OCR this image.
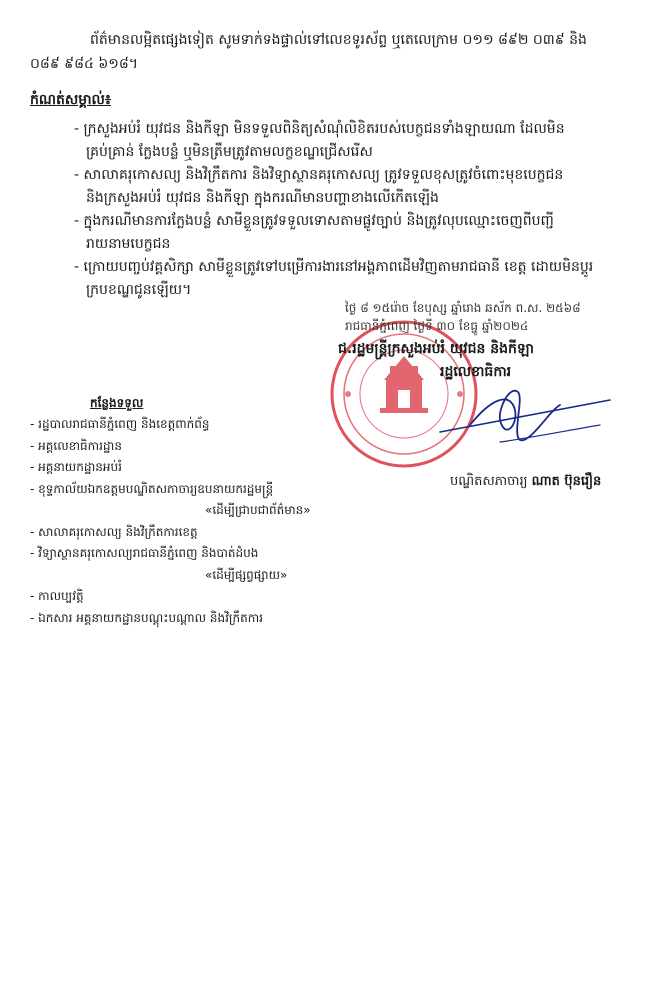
ព័ត៌មានលម្អិតផ្សេងទៀត សូមទាក់ទងផ្ទាល់ទៅលេខទូរស័ព្ទ ឬតេលេក្រាម ០១១ ៨៩២ ០៣៩ និង
០៨៩ ៩៨៤ ៦១៨។
កំណត់សម្គាល់៖
- ក្រសួងអប់រំ យុវជន និងកីឡា មិនទទួលពិនិត្យសំណុំលិខិតរបស់បេក្ខជនទាំងឡាយណា ដែលមិន
គ្រប់គ្រាន់ ក្លែងបន្លំ ឬមិនត្រឹមត្រូវតាមលក្ខខណ្ឌជ្រើសរើស
- សាលាគរុកោសល្យ និងវិក្រឹតការ និងវិទ្យាស្ថានគរុកោសល្យ ត្រូវទទួលខុសត្រូវចំពោះមុខបេក្ខជន
និងក្រសួងអប់រំ យុវជន និងកីឡា ក្នុងករណីមានបញ្ហាខាងលើកើតឡើង
- ក្នុងករណីមានការក្លែងបន្លំ សាមីខ្លួនត្រូវទទួលទោសតាមផ្លូវច្បាប់ និងត្រូវលុបឈ្មោះចេញពីបញ្ជី
រាយនាមបេក្ខជន
- ក្រោយបញ្ចប់វគ្គសិក្សា សាមីខ្លួនត្រូវទៅបម្រើការងារនៅអង្គភាពដើមវិញតាមរាជធានី ខេត្ត ដោយមិនប្តូរ
ក្របខណ្ឌជូនឡើយ។
ថ្ងៃ ៨ ១៥រ៉ោច ខែបុស្ស ឆ្នាំរោង ឆស័ក ព.ស. ២៥៦៨
រាជធានីភ្នំពេញ ថ្ងៃទី ៣០ ខែធ្នូ ឆ្នាំ២០២៤
ជ.រដ្ឋមន្ត្រីក្រសួងអប់រំ យុវជន និងកីឡា
រដ្ឋលេខាធិការ
បណ្ឌិតសភាចារ្យ ណាត ប៊ុនរឿន
កន្លែងទទួល
- រដ្ឋបាលរាជធានីភ្នំពេញ និងខេត្តពាក់ព័ន្ធ
- អគ្គលេខាធិការដ្ឋាន
- អគ្គនាយកដ្ឋានអប់រំ
- ខុទ្ទកាល័យឯកឧត្តមបណ្ឌិតសភាចារ្យឧបនាយករដ្ឋមន្ត្រី
«ដើម្បីជ្រាបជាព័ត៌មាន»
- សាលាគរុកោសល្យ និងវិក្រឹតការខេត្ត
- វិទ្យាស្ថានគរុកោសល្យរាជធានីភ្នំពេញ និងបាត់ដំបង
«ដើម្បីផ្សព្វផ្សាយ»
- កាលប្បវត្តិ
- ឯកសារ អគ្គនាយកដ្ឋានបណ្តុះបណ្តាល និងវិក្រឹតការ
